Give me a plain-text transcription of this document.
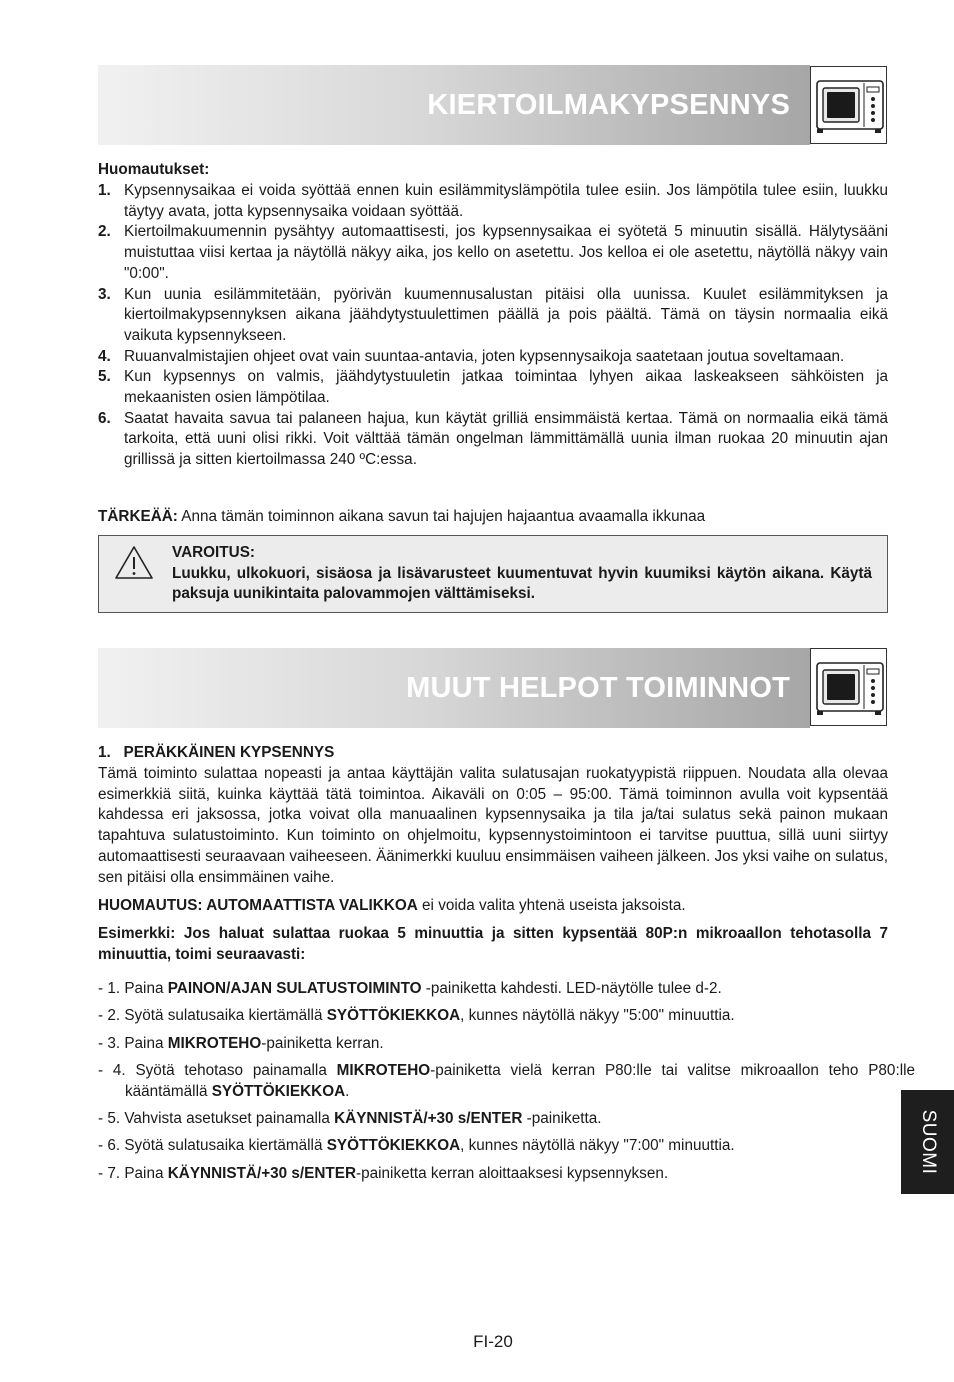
KIERTOILMAKYPSENNYS
Huomautukset:
1. Kypsennysaikaa ei voida syöttää ennen kuin esilämmityslämpötila tulee esiin. Jos lämpötila tulee esiin, luukku täytyy avata, jotta kypsennysaika voidaan syöttää.
2. Kiertoilmakuumennin pysähtyy automaattisesti, jos kypsennysaikaa ei syötetä 5 minuutin sisällä. Hälytysääni muistuttaa viisi kertaa ja näytöllä näkyy aika, jos kello on asetettu. Jos kelloa ei ole asetettu, näytöllä näkyy vain "0:00".
3. Kun uunia esilämmitetään, pyörivän kuumennusalustan pitäisi olla uunissa. Kuulet esilämmityksen ja kiertoilmakypsennyksen aikana jäähdytystuulettimen päällä ja pois päältä. Tämä on täysin normaalia eikä vaikuta kypsennykseen.
4. Ruuanvalmistajien ohjeet ovat vain suuntaa-antavia, joten kypsennysaikoja saatetaan joutua soveltamaan.
5. Kun kypsennys on valmis, jäähdytystuuletin jatkaa toimintaa lyhyen aikaa laskeakseen sähköisten ja mekaanisten osien lämpötilaa.
6. Saatat havaita savua tai palaneen hajua, kun käytät grilliä ensimmäistä kertaa. Tämä on normaalia eikä tämä tarkoita, että uuni olisi rikki. Voit välttää tämän ongelman lämmittämällä uunia ilman ruokaa 20 minuutin ajan grillissä ja sitten kiertoilmassa 240 ºC:essa.
TÄRKEÄÄ: Anna tämän toiminnon aikana savun tai hajujen hajaantua avaamalla ikkunaa
VAROITUS:
Luukku, ulkokuori, sisäosa ja lisävarusteet kuumentuvat hyvin kuumiksi käytön aikana. Käytä paksuja uunikintaita palovammojen välttämiseksi.
MUUT HELPOT TOIMINNOT
1.   PERÄKKÄINEN KYPSENNYS
Tämä toiminto sulattaa nopeasti ja antaa käyttäjän valita sulatusajan ruokatyypistä riippuen. Noudata alla olevaa esimerkkiä siitä, kuinka käyttää tätä toimintoa. Aikaväli on 0:05 – 95:00. Tämä toiminnon avulla voit kypsentää kahdessa eri jaksossa, jotka voivat olla manuaalinen kypsennysaika ja tila ja/tai sulatus sekä painon mukaan tapahtuva sulatustoiminto. Kun toiminto on ohjelmoitu, kypsennystoimintoon ei tarvitse puuttua, sillä uuni siirtyy automaattisesti seuraavaan vaiheeseen. Äänimerkki kuuluu ensimmäisen vaiheen jälkeen. Jos yksi vaihe on sulatus, sen pitäisi olla ensimmäinen vaihe.
HUOMAUTUS: AUTOMAATTISTA VALIKKOA ei voida valita yhtenä useista jaksoista.
Esimerkki: Jos haluat sulattaa ruokaa 5 minuuttia ja sitten kypsentää 80P:n mikroaallon tehotasolla 7 minuuttia, toimi seuraavasti:
- 1. Paina PAINON/AJAN SULATUSTOIMINTO -painiketta kahdesti. LED-näytölle tulee d-2.
- 2. Syötä sulatusaika kiertämällä SYÖTTÖKIEKKOA, kunnes näytöllä näkyy "5:00" minuuttia.
- 3. Paina MIKROTEHO-painiketta kerran.
- 4. Syötä tehotaso painamalla MIKROTEHO-painiketta vielä kerran P80:lle tai valitse mikroaallon teho P80:lle kääntämällä SYÖTTÖKIEKKOA.
- 5. Vahvista asetukset painamalla KÄYNNISTÄ/+30 s/ENTER -painiketta.
- 6. Syötä sulatusaika kiertämällä SYÖTTÖKIEKKOA, kunnes näytöllä näkyy "7:00" minuuttia.
- 7. Paina KÄYNNISTÄ/+30 s/ENTER-painiketta kerran aloittaaksesi kypsennyksen.	SUOMI
FI-20
